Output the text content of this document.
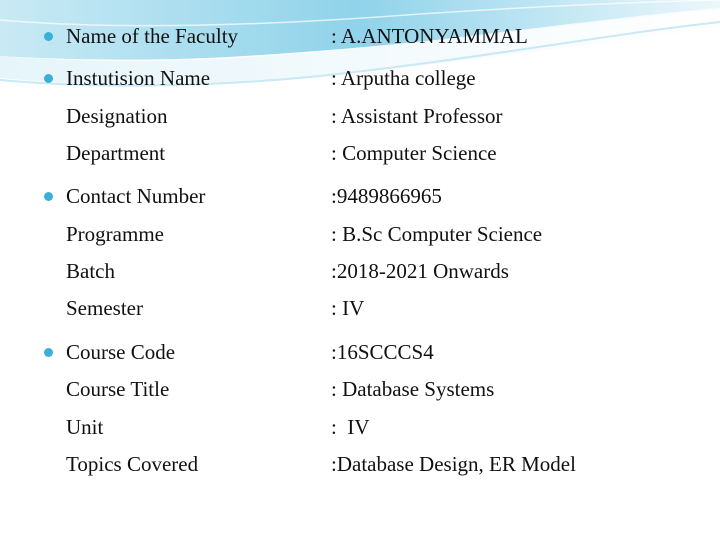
Name of the Faculty	: A.ANTONYAMMAL
Instutision Name	: Arputha college
Designation	: Assistant Professor
Department	: Computer Science
Contact Number	:9489866965
Programme	: B.Sc Computer Science
Batch	:2018-2021 Onwards
Semester	: IV
Course Code	:16SCCCS4
Course Title	: Database Systems
Unit	:  IV
Topics Covered	:Database Design, ER Model
